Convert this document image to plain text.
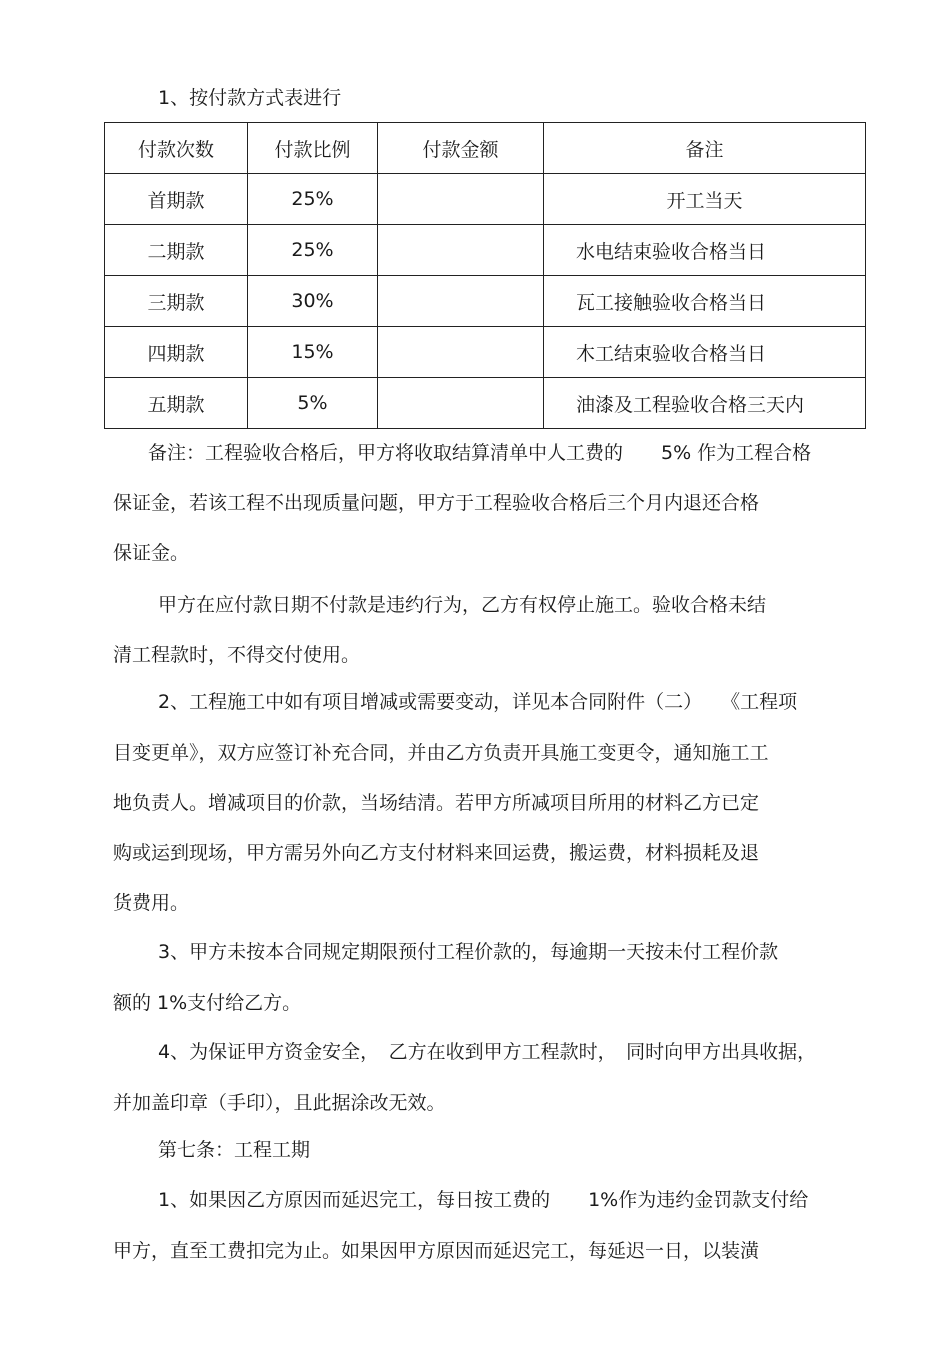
1、按付款方式表进行
付款次数	付款比例	付款金额	备注
首期款	25%		开工当天
二期款	25%		水电结束验收合格当日
三期款	30%		瓦工接触验收合格当日
四期款	15%		木工结束验收合格当日
五期款	5%		油漆及工程验收合格三天内
备注：工程验收合格后，甲方将收取结算清单中人工费的　　5% 作为工程合格
保证金，若该工程不出现质量问题，甲方于工程验收合格后三个月内退还合格
保证金。
甲方在应付款日期不付款是违约行为，乙方有权停止施工。验收合格未结
清工程款时，不得交付使用。
2、工程施工中如有项目增减或需要变动，详见本合同附件（二）　　《工程项
目变更单》，双方应签订补充合同，并由乙方负责开具施工变更令，通知施工工
地负责人。增减项目的价款，当场结清。若甲方所减项目所用的材料乙方已定
购或运到现场，甲方需另外向乙方支付材料来回运费，搬运费，材料损耗及退
货费用。
3、甲方未按本合同规定期限预付工程价款的，每逾期一天按未付工程价款
额的 1%支付给乙方。
4、为保证甲方资金安全，　乙方在收到甲方工程款时，　同时向甲方出具收据，
并加盖印章（手印），且此据涂改无效。
第七条：工程工期
1、如果因乙方原因而延迟完工，每日按工费的　　1%作为违约金罚款支付给
甲方，直至工费扣完为止。如果因甲方原因而延迟完工，每延迟一日，以装潢
